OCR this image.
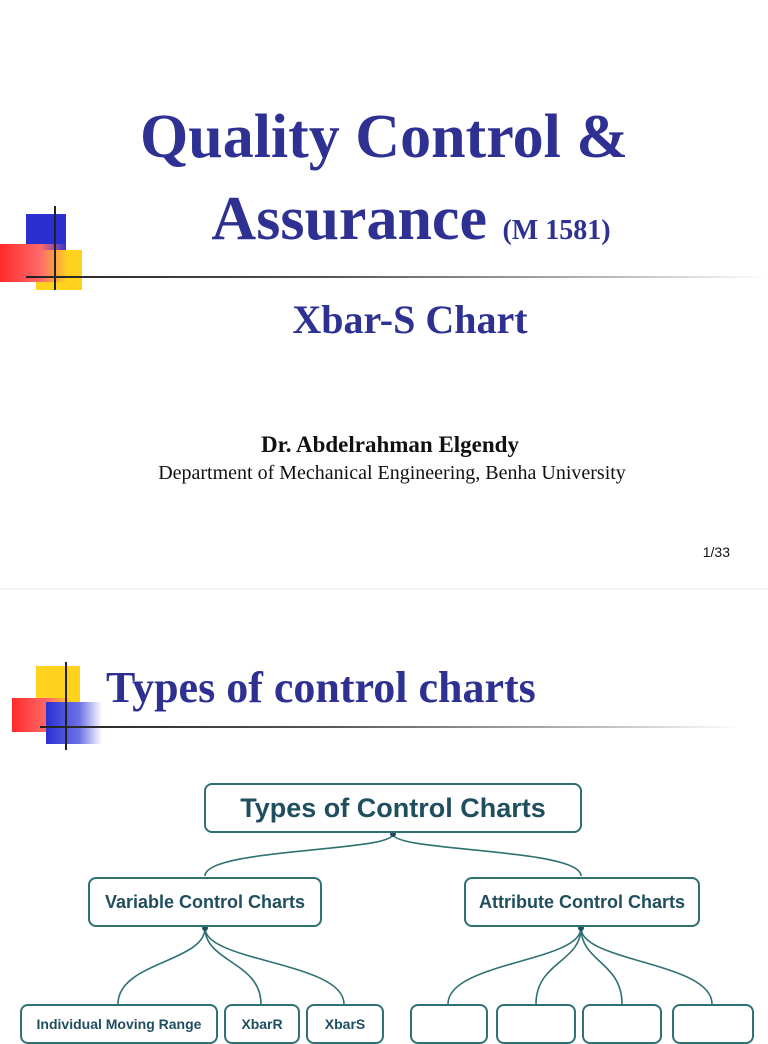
Quality Control &
Assurance (M 1581)
Xbar-S Chart
Dr. Abdelrahman Elgendy
Department of Mechanical Engineering, Benha University
1/33
Types of control charts
Types of Control Charts
Variable Control Charts	Attribute Control Charts
Individual Moving Range	XbarR	XbarS
